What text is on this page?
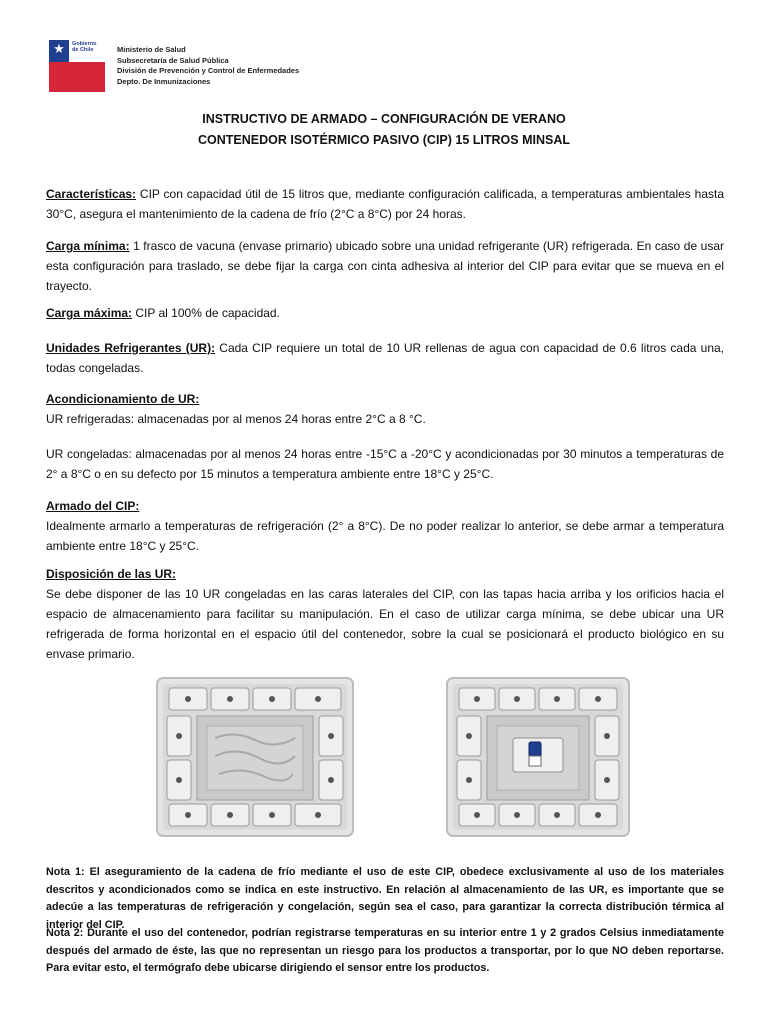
★ Gobierno
de Chile	Ministerio de Salud
Subsecretaría de Salud Pública
División de Prevención y Control de Enfermedades
Depto. De Inmunizaciones
INSTRUCTIVO DE ARMADO – CONFIGURACIÓN DE VERANO
CONTENEDOR ISOTÉRMICO PASIVO (CIP) 15 LITROS MINSAL
Características: CIP con capacidad útil de 15 litros que, mediante configuración calificada, a temperaturas ambientales hasta 30°C, asegura el mantenimiento de la cadena de frío (2°C a 8°C) por 24 horas.
Carga mínima: 1 frasco de vacuna (envase primario) ubicado sobre una unidad refrigerante (UR) refrigerada. En caso de usar esta configuración para traslado, se debe fijar la carga con cinta adhesiva al interior del CIP para evitar que se mueva en el trayecto.
Carga máxima: CIP al 100% de capacidad.
Unidades Refrigerantes (UR): Cada CIP requiere un total de 10 UR rellenas de agua con capacidad de 0.6 litros cada una, todas congeladas.
Acondicionamiento de UR:
UR refrigeradas: almacenadas por al menos 24 horas entre 2°C a 8 °C.
UR congeladas: almacenadas por al menos 24 horas entre -15°C a -20°C y acondicionadas por 30 minutos a temperaturas de 2° a 8°C o en su defecto por 15 minutos a temperatura ambiente entre 18°C y 25°C.
Armado del CIP:
Idealmente armarlo a temperaturas de refrigeración (2° a 8°C). De no poder realizar lo anterior, se debe armar a temperatura ambiente entre 18°C y 25°C.
Disposición de las UR:
Se debe disponer de las 10 UR congeladas en las caras laterales del CIP, con las tapas hacia arriba y los orificios hacia el espacio de almacenamiento para facilitar su manipulación. En el caso de utilizar carga mínima, se debe ubicar una UR refrigerada de forma horizontal en el espacio útil del contenedor, sobre la cual se posicionará el producto biológico en su envase primario.
Nota 1: El aseguramiento de la cadena de frío mediante el uso de este CIP, obedece exclusivamente al uso de los materiales descritos y acondicionados como se indica en este instructivo. En relación al almacenamiento de las UR, es importante que se adecúe a las temperaturas de refrigeración y congelación, según sea el caso, para garantizar la correcta distribución térmica al interior del CIP.
Nota 2: Durante el uso del contenedor, podrían registrarse temperaturas en su interior entre 1 y 2 grados Celsius inmediatamente después del armado de éste, las que no representan un riesgo para los productos a transportar, por lo que NO deben reportarse. Para evitar esto, el termógrafo debe ubicarse dirigiendo el sensor entre los productos.
